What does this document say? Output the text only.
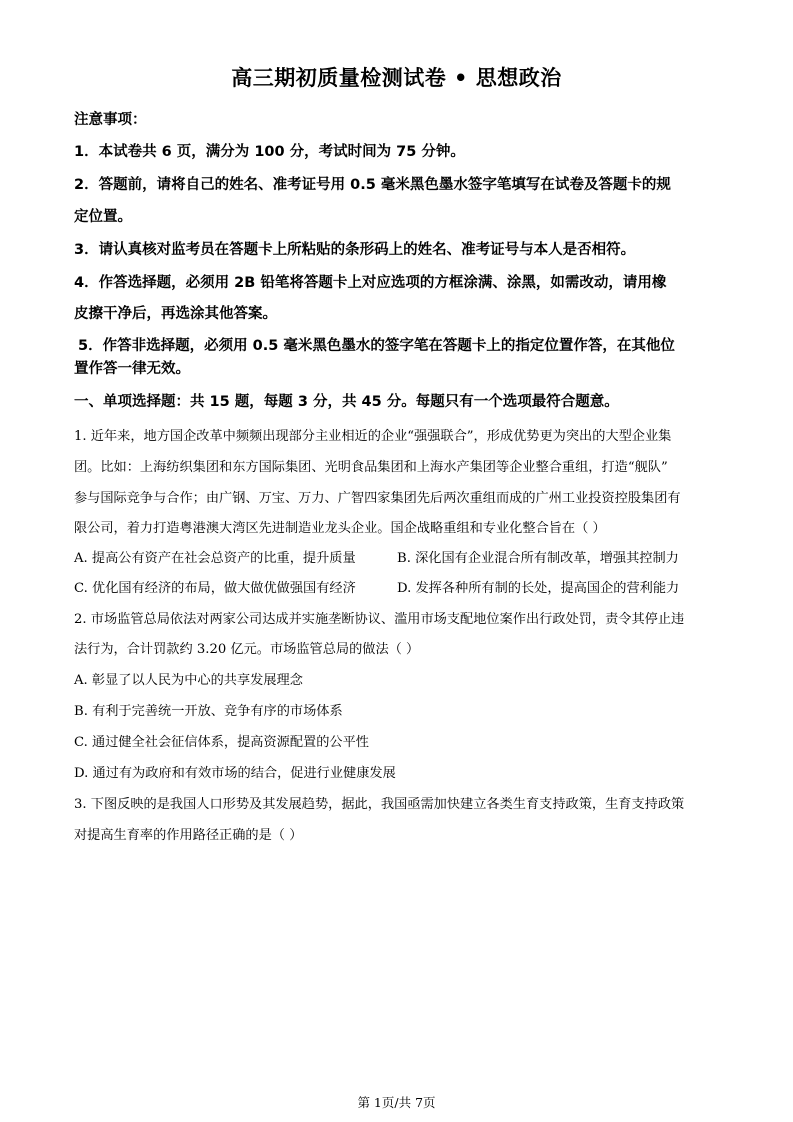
高三期初质量检测试卷 • 思想政治
注意事项：
1．本试卷共 6 页，满分为 100 分，考试时间为 75 分钟。
2．答题前，请将自己的姓名、准考证号用 0.5 毫米黑色墨水签字笔填写在试卷及答题卡的规
定位置。
3．请认真核对监考员在答题卡上所粘贴的条形码上的姓名、准考证号与本人是否相符。
4．作答选择题，必须用 2B 铅笔将答题卡上对应选项的方框涂满、涂黑，如需改动，请用橡
皮擦干净后，再选涂其他答案。
5．作答非选择题，必须用 0.5 毫米黑色墨水的签字笔在答题卡上的指定位置作答，在其他位
置作答一律无效。
一、单项选择题：共 15 题，每题 3 分，共 45 分。每题只有一个选项最符合题意。
1. 近年来，地方国企改革中频频出现部分主业相近的企业“强强联合”，形成优势更为突出的大型企业集
团。比如：上海纺织集团和东方国际集团、光明食品集团和上海水产集团等企业整合重组，打造“舰队”
参与国际竞争与合作；由广钢、万宝、万力、广智四家集团先后两次重组而成的广州工业投资控股集团有
限公司，着力打造粤港澳大湾区先进制造业龙头企业。国企战略重组和专业化整合旨在（ ）
A. 提高公有资产在社会总资产的比重，提升质量	B. 深化国有企业混合所有制改革，增强其控制力
C. 优化国有经济的布局，做大做优做强国有经济	D. 发挥各种所有制的长处，提高国企的营利能力
2. 市场监管总局依法对两家公司达成并实施垄断协议、滥用市场支配地位案作出行政处罚，责令其停止违
法行为，合计罚款约 3.20 亿元。市场监管总局的做法（ ）
A. 彰显了以人民为中心的共享发展理念
B. 有利于完善统一开放、竞争有序的市场体系
C. 通过健全社会征信体系，提高资源配置的公平性
D. 通过有为政府和有效市场的结合，促进行业健康发展
3. 下图反映的是我国人口形势及其发展趋势，据此，我国亟需加快建立各类生育支持政策，生育支持政策
对提高生育率的作用路径正确的是（ ）
第 1页/共 7页
